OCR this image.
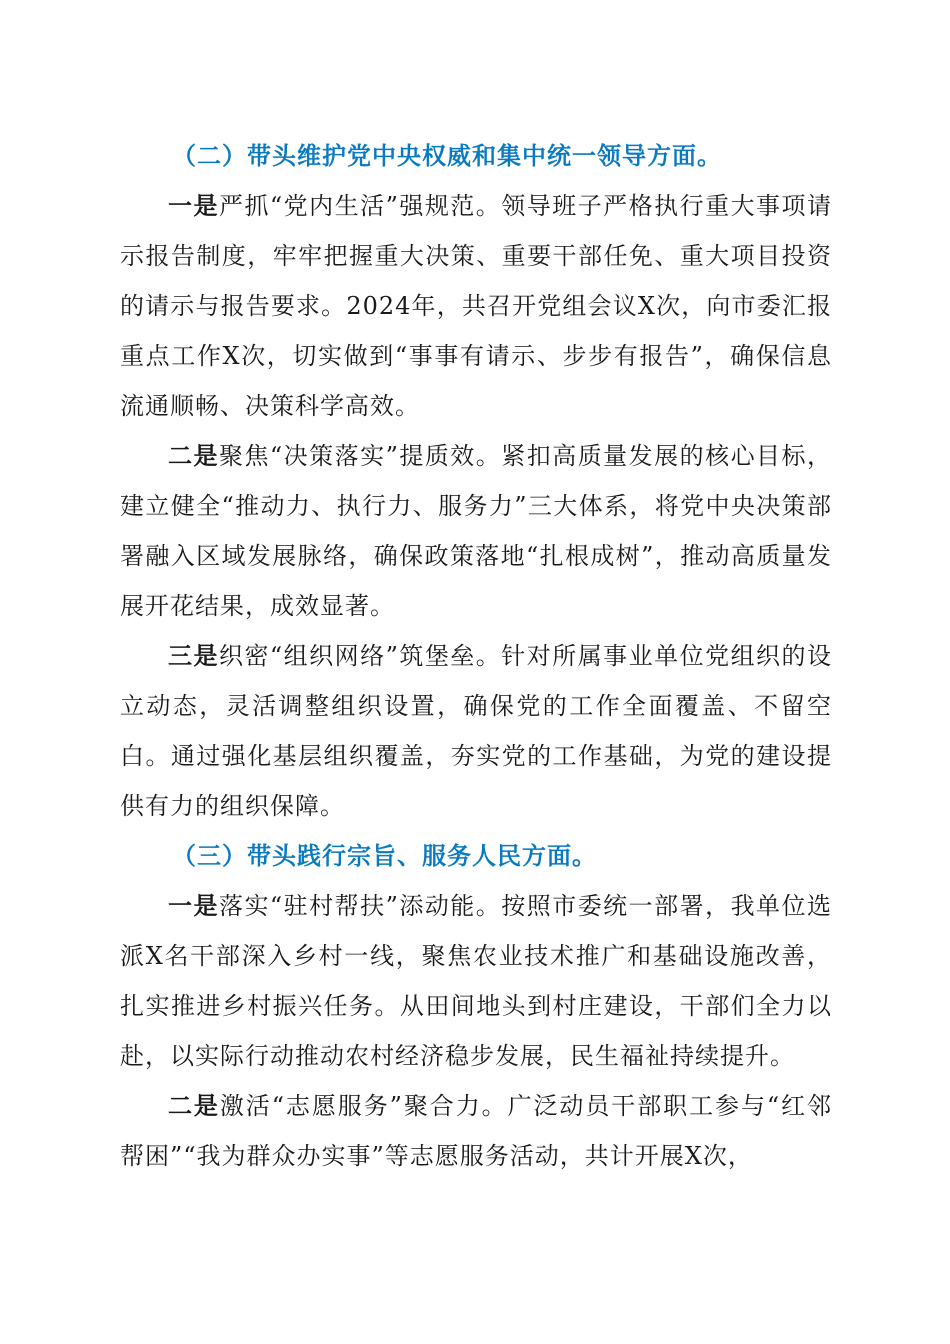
（二）带头维护党中央权威和集中统一领导方面。

一是严抓“党内生活”强规范。领导班子严格执行重大事项请示报告制度，牢牢把握重大决策、重要干部任免、重大项目投资的请示与报告要求。2024年，共召开党组会议X次，向市委汇报重点工作X次，切实做到“事事有请示、步步有报告”，确保信息流通顺畅、决策科学高效。

二是聚焦“决策落实”提质效。紧扣高质量发展的核心目标，建立健全“推动力、执行力、服务力”三大体系，将党中央决策部署融入区域发展脉络，确保政策落地“扎根成树”，推动高质量发展开花结果，成效显著。

三是织密“组织网络”筑堡垒。针对所属事业单位党组织的设立动态，灵活调整组织设置，确保党的工作全面覆盖、不留空白。通过强化基层组织覆盖，夯实党的工作基础，为党的建设提供有力的组织保障。

（三）带头践行宗旨、服务人民方面。

一是落实“驻村帮扶”添动能。按照市委统一部署，我单位选派X名干部深入乡村一线，聚焦农业技术推广和基础设施改善，扎实推进乡村振兴任务。从田间地头到村庄建设，干部们全力以赴，以实际行动推动农村经济稳步发展，民生福祉持续提升。

二是激活“志愿服务”聚合力。广泛动员干部职工参与“红邻帮困”“我为群众办实事”等志愿服务活动，共计开展X次，
